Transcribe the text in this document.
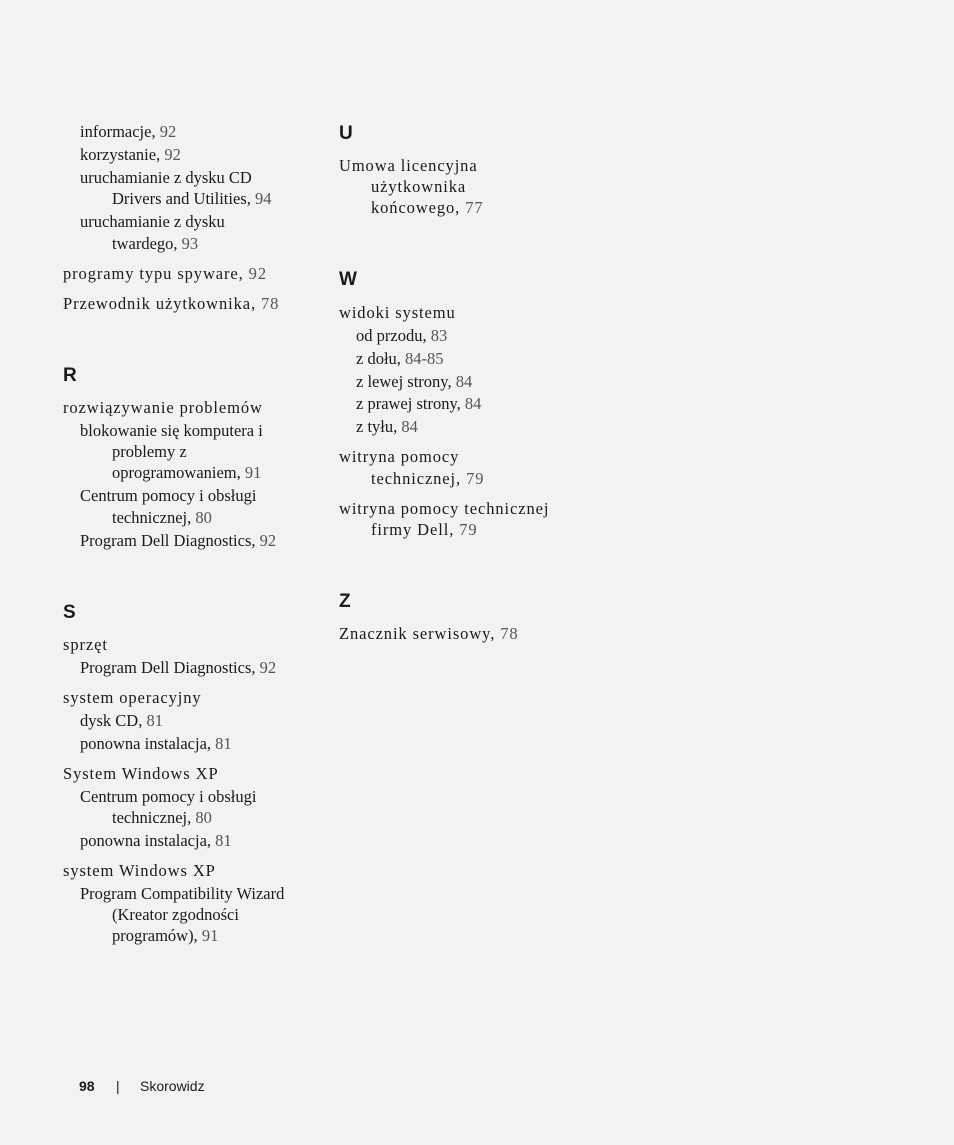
informacje, 92
korzystanie, 92
uruchamianie z dysku CD
Drivers and Utilities, 94
uruchamianie z dysku
twardego, 93
programy typu spyware, 92
Przewodnik użytkownika, 78
R
rozwiązywanie problemów
blokowanie się komputera i
problemy z
oprogramowaniem, 91
Centrum pomocy i obsługi
technicznej, 80
Program Dell Diagnostics, 92
S
sprzęt
Program Dell Diagnostics, 92
system operacyjny
dysk CD, 81
ponowna instalacja, 81
System Windows XP
Centrum pomocy i obsługi
technicznej, 80
ponowna instalacja, 81
system Windows XP
Program Compatibility Wizard
(Kreator zgodności
programów), 91
U
Umowa licencyjna
użytkownika
końcowego, 77
W
widoki systemu
od przodu, 83
z dołu, 84-85
z lewej strony, 84
z prawej strony, 84
z tyłu, 84
witryna pomocy
technicznej, 79
witryna pomocy technicznej
firmy Dell, 79
Z
Znacznik serwisowy, 78
98 | Skorowidz
